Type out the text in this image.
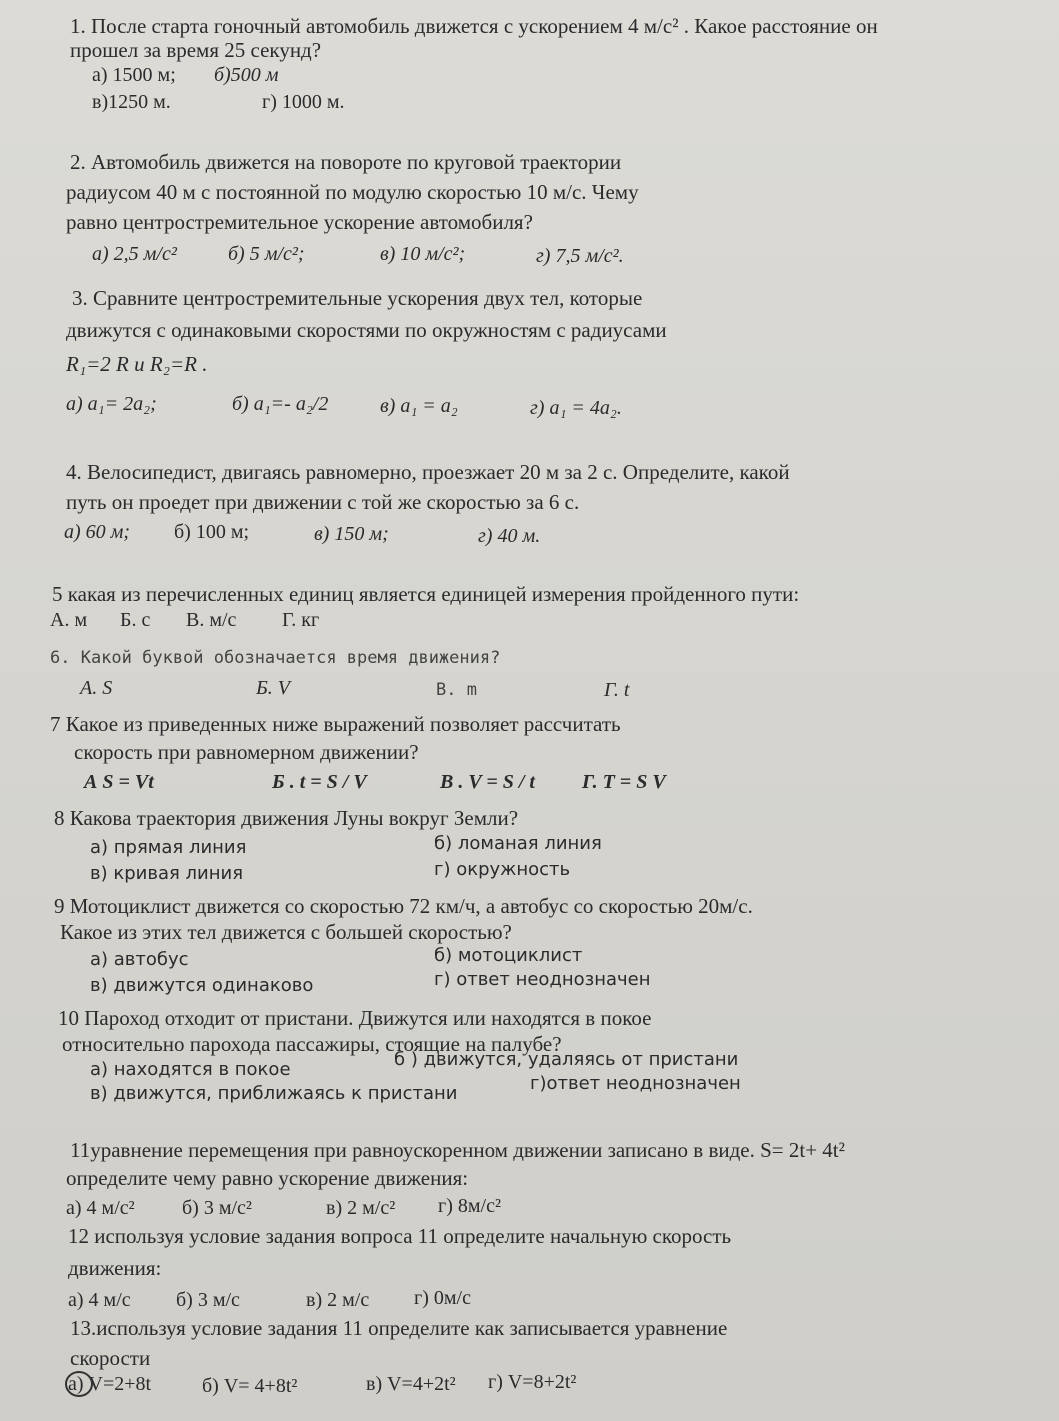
1. После старта гоночный автомобиль движется с ускорением 4 м/с² . Какое расстояние он
прошел за время 25 секунд?
а) 1500 м; б)500 м
в)1250 м.	г) 1000 м.
2. Автомобиль движется на повороте по круговой траектории
радиусом 40 м с постоянной по модулю скоростью 10 м/с. Чему
равно центростремительное ускорение автомобиля?
а) 2,5 м/с²	б) 5 м/с²;	в) 10 м/с²;	г) 7,5 м/с².
3. Сравните центростремительные ускорения двух тел, которые
движутся с одинаковыми скоростями по окружностям с радиусами
R₁=2 R и R₂=R .
а) a₁= 2a₂;	б) a₁=- a₂/2	в) a₁ = a₂	г) a₁ = 4a₂.
4. Велосипедист, двигаясь равномерно, проезжает 20 м за 2 с. Определите, какой
путь он проедет при движении с той же скоростью за 6 с.
а) 60 м; б) 100 м;	в) 150 м;	г) 40 м.
5 какая из перечисленных единиц является единицей измерения пройденного пути:
А. м Б. с В. м/с Г. кг
6. Какой буквой обозначается время движения?
А. S	Б. V	В. m	Г. t
7 Какое из приведенных ниже выражений позволяет рассчитать
скорость при равномерном движении?
А S = Vt	Б . t = S / V	В . V = S / t Г. T = S V
8 Какова траектория движения Луны вокруг Земли?
а) прямая линия	б) ломаная линия
в) кривая линия	г) окружность
9 Мотоциклист движется со скоростью 72 км/ч, а автобус со скоростью 20м/с.
Какое из этих тел движется с большей скоростью?
а) автобус	б) мотоциклист
в) движутся одинаково	г) ответ неоднозначен
10 Пароход отходит от пристани. Движутся или находятся в покое
относительно парохода пассажиры, стоящие на палубе?
а) находятся в покое	б ) движутся, удаляясь от пристани
в) движутся, приближаясь к пристани	г)ответ неоднозначен
11уравнение перемещения при равноускоренном движении записано в виде. S= 2t+ 4t²
определите чему равно ускорение движения:
а) 4 м/с² б) 3 м/с²	в) 2 м/с² г) 8м/с²
12 используя условие задания вопроса 11 определите начальную скорость
движения:
а) 4 м/с б) 3 м/с	в) 2 м/с г) 0м/с
13.используя условие задания 11 определите как записывается уравнение
скорости
а) V=2+8t	б) V= 4+8t²	в) V=4+2t² г) V=8+2t²
